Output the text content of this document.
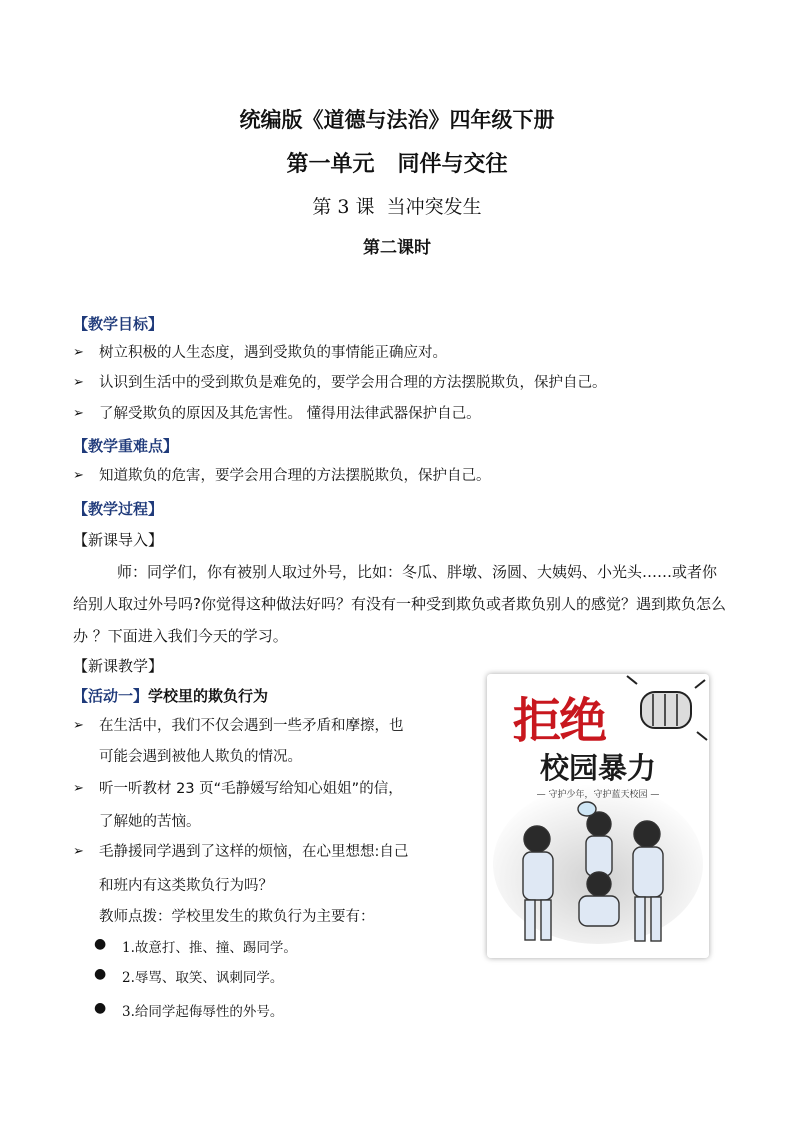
统编版《道德与法治》四年级下册
第一单元   同伴与交往
第 3 课  当冲突发生
第二课时
【教学目标】
➢	树立积极的人生态度，遇到受欺负的事情能正确应对。
➢	认识到生活中的受到欺负是难免的，要学会用合理的方法摆脱欺负，保护自己。
➢	了解受欺负的原因及其危害性。 懂得用法律武器保护自己。
【教学重难点】
➢	知道欺负的危害，要学会用合理的方法摆脱欺负，保护自己。
【教学过程】
【新课导入】
师：同学们，你有被别人取过外号，比如：冬瓜、胖墩、汤圆、大姨妈、小光头……或者你给别人取过外号吗?你觉得这种做法好吗？有没有一种受到欺负或者欺负别人的感觉？遇到欺负怎么办 ？下面进入我们今天的学习。
【新课教学】
【活动一】学校里的欺负行为
➢	在生活中，我们不仅会遇到一些矛盾和摩擦，也
可能会遇到被他人欺负的情况。
➢	听一听教材 23 页“毛静媛写给知心姐姐”的信，
了解她的苦恼。
➢	毛静援同学遇到了这样的烦恼，在心里想想:自己
和班内有这类欺负行为吗？
教师点拨：学校里发生的欺负行为主要有：
●	1.故意打、推、撞、踢同学。
●	2.辱骂、取笑、讽刺同学。
●	3.给同学起侮辱性的外号。
拒绝
校园暴力
— 守护少年，守护蓝天校园 —
